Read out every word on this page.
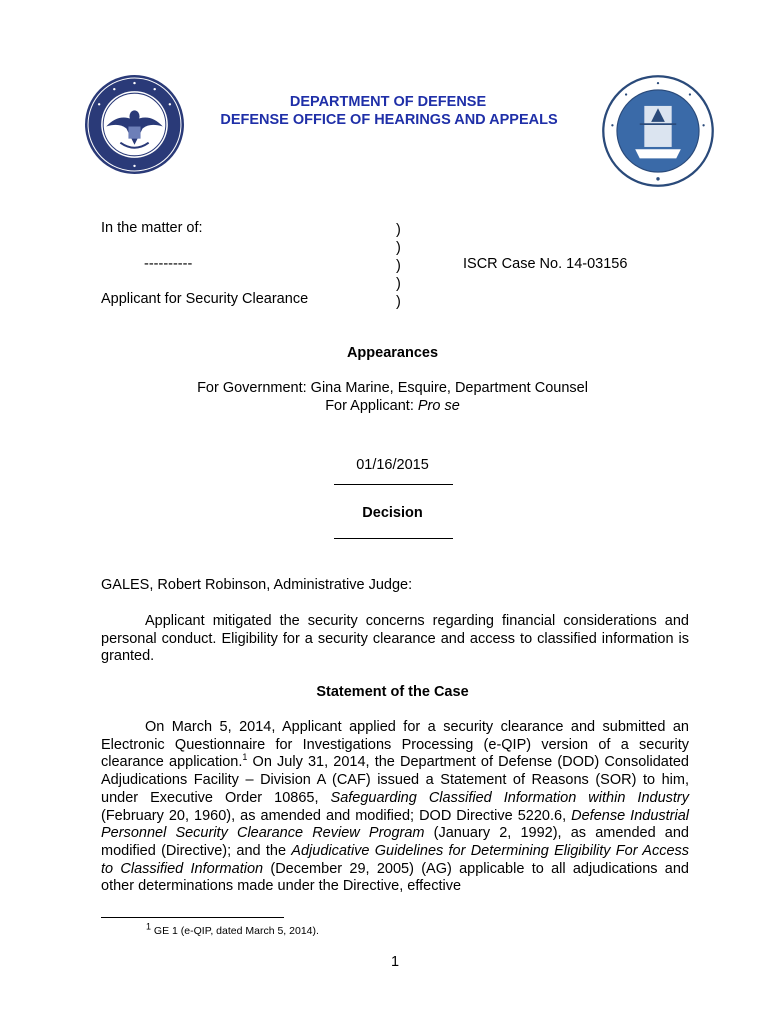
DEPARTMENT OF DEFENSE
DEFENSE OFFICE OF HEARINGS AND APPEALS
In the matter of:
----------
Applicant for Security Clearance
ISCR Case No. 14-03156
)
)
)
)
)
Appearances
For Government: Gina Marine, Esquire, Department Counsel
For Applicant: Pro se
01/16/2015
Decision
GALES, Robert Robinson, Administrative Judge:
Applicant mitigated the security concerns regarding financial considerations and personal conduct. Eligibility for a security clearance and access to classified information is granted.
Statement of the Case
On March 5, 2014, Applicant applied for a security clearance and submitted an Electronic Questionnaire for Investigations Processing (e-QIP) version of a security clearance application.$^1$ On July 31, 2014, the Department of Defense (DOD) Consolidated Adjudications Facility – Division A (CAF) issued a Statement of Reasons (SOR) to him, under Executive Order 10865, Safeguarding Classified Information within Industry (February 20, 1960), as amended and modified; DOD Directive 5220.6, Defense Industrial Personnel Security Clearance Review Program (January 2, 1992), as amended and modified (Directive); and the Adjudicative Guidelines for Determining Eligibility For Access to Classified Information (December 29, 2005) (AG) applicable to all adjudications and other determinations made under the Directive, effective
$^1$ GE 1 (e-QIP, dated March 5, 2014).
1
